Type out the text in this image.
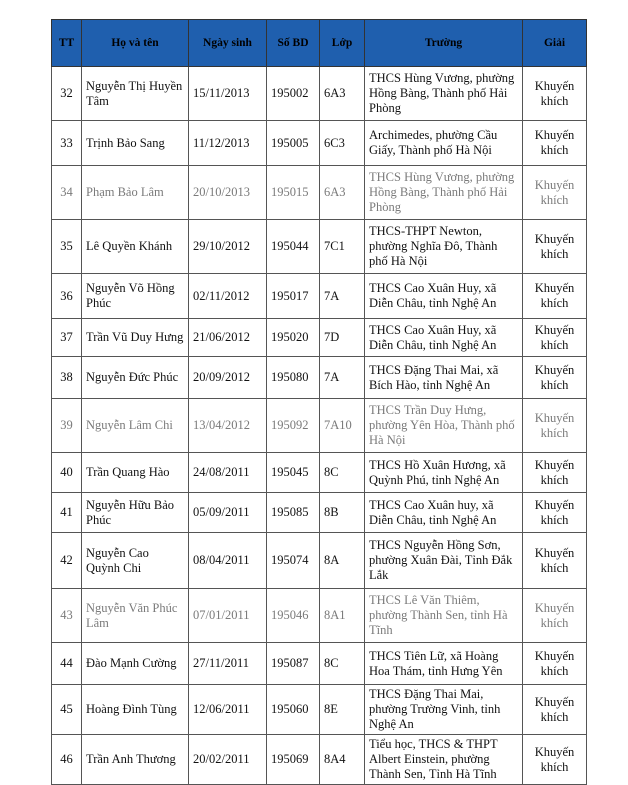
TT	Họ và tên	Ngày sinh	Số BD	Lớp	Trường	Giải
32	Nguyễn Thị Huyền Tâm	15/11/2013	195002	6A3	THCS Hùng Vương, phường Hồng Bàng, Thành phố Hải Phòng	Khuyến khích
33	Trịnh Bảo Sang	11/12/2013	195005	6C3	Archimedes, phường Cầu Giấy, Thành phố Hà Nội	Khuyến khích
34	Phạm Bảo Lâm	20/10/2013	195015	6A3	THCS Hùng Vương, phường Hồng Bàng, Thành phố Hải Phòng	Khuyến khích
35	Lê Quyền Khánh	29/10/2012	195044	7C1	THCS-THPT Newton, phường Nghĩa Đô, Thành phố Hà Nội	Khuyến khích
36	Nguyễn Võ Hồng Phúc	02/11/2012	195017	7A	THCS Cao Xuân Huy, xã Diễn Châu, tỉnh Nghệ An	Khuyến khích
37	Trần Vũ Duy Hưng	21/06/2012	195020	7D	THCS Cao Xuân Huy, xã Diễn Châu, tỉnh Nghệ An	Khuyến khích
38	Nguyễn Đức Phúc	20/09/2012	195080	7A	THCS Đặng Thai Mai, xã Bích Hào, tỉnh Nghệ An	Khuyến khích
39	Nguyễn Lâm Chi	13/04/2012	195092	7A10	THCS Trần Duy Hưng, phường Yên Hòa, Thành phố Hà Nội	Khuyến khích
40	Trần Quang Hào	24/08/2011	195045	8C	THCS Hồ Xuân Hương, xã Quỳnh Phú, tỉnh Nghệ An	Khuyến khích
41	Nguyễn Hữu Bảo Phúc	05/09/2011	195085	8B	THCS Cao Xuân huy, xã Diễn Châu, tỉnh Nghệ An	Khuyến khích
42	Nguyễn Cao Quỳnh Chi	08/04/2011	195074	8A	THCS Nguyễn Hồng Sơn, phường Xuân Đài, Tỉnh Đắk Lắk	Khuyến khích
43	Nguyễn Văn Phúc Lâm	07/01/2011	195046	8A1	THCS Lê Văn Thiêm, phường Thành Sen, tỉnh Hà Tĩnh	Khuyến khích
44	Đào Mạnh Cường	27/11/2011	195087	8C	THCS Tiên Lữ, xã Hoàng Hoa Thám, tỉnh Hưng Yên	Khuyến khích
45	Hoàng Đình Tùng	12/06/2011	195060	8E	THCS Đặng Thai Mai, phường Trường Vinh, tỉnh Nghệ An	Khuyến khích
46	Trần Anh Thương	20/02/2011	195069	8A4	Tiểu học, THCS & THPT Albert Einstein, phường Thành Sen, Tỉnh Hà Tĩnh	Khuyến khích
